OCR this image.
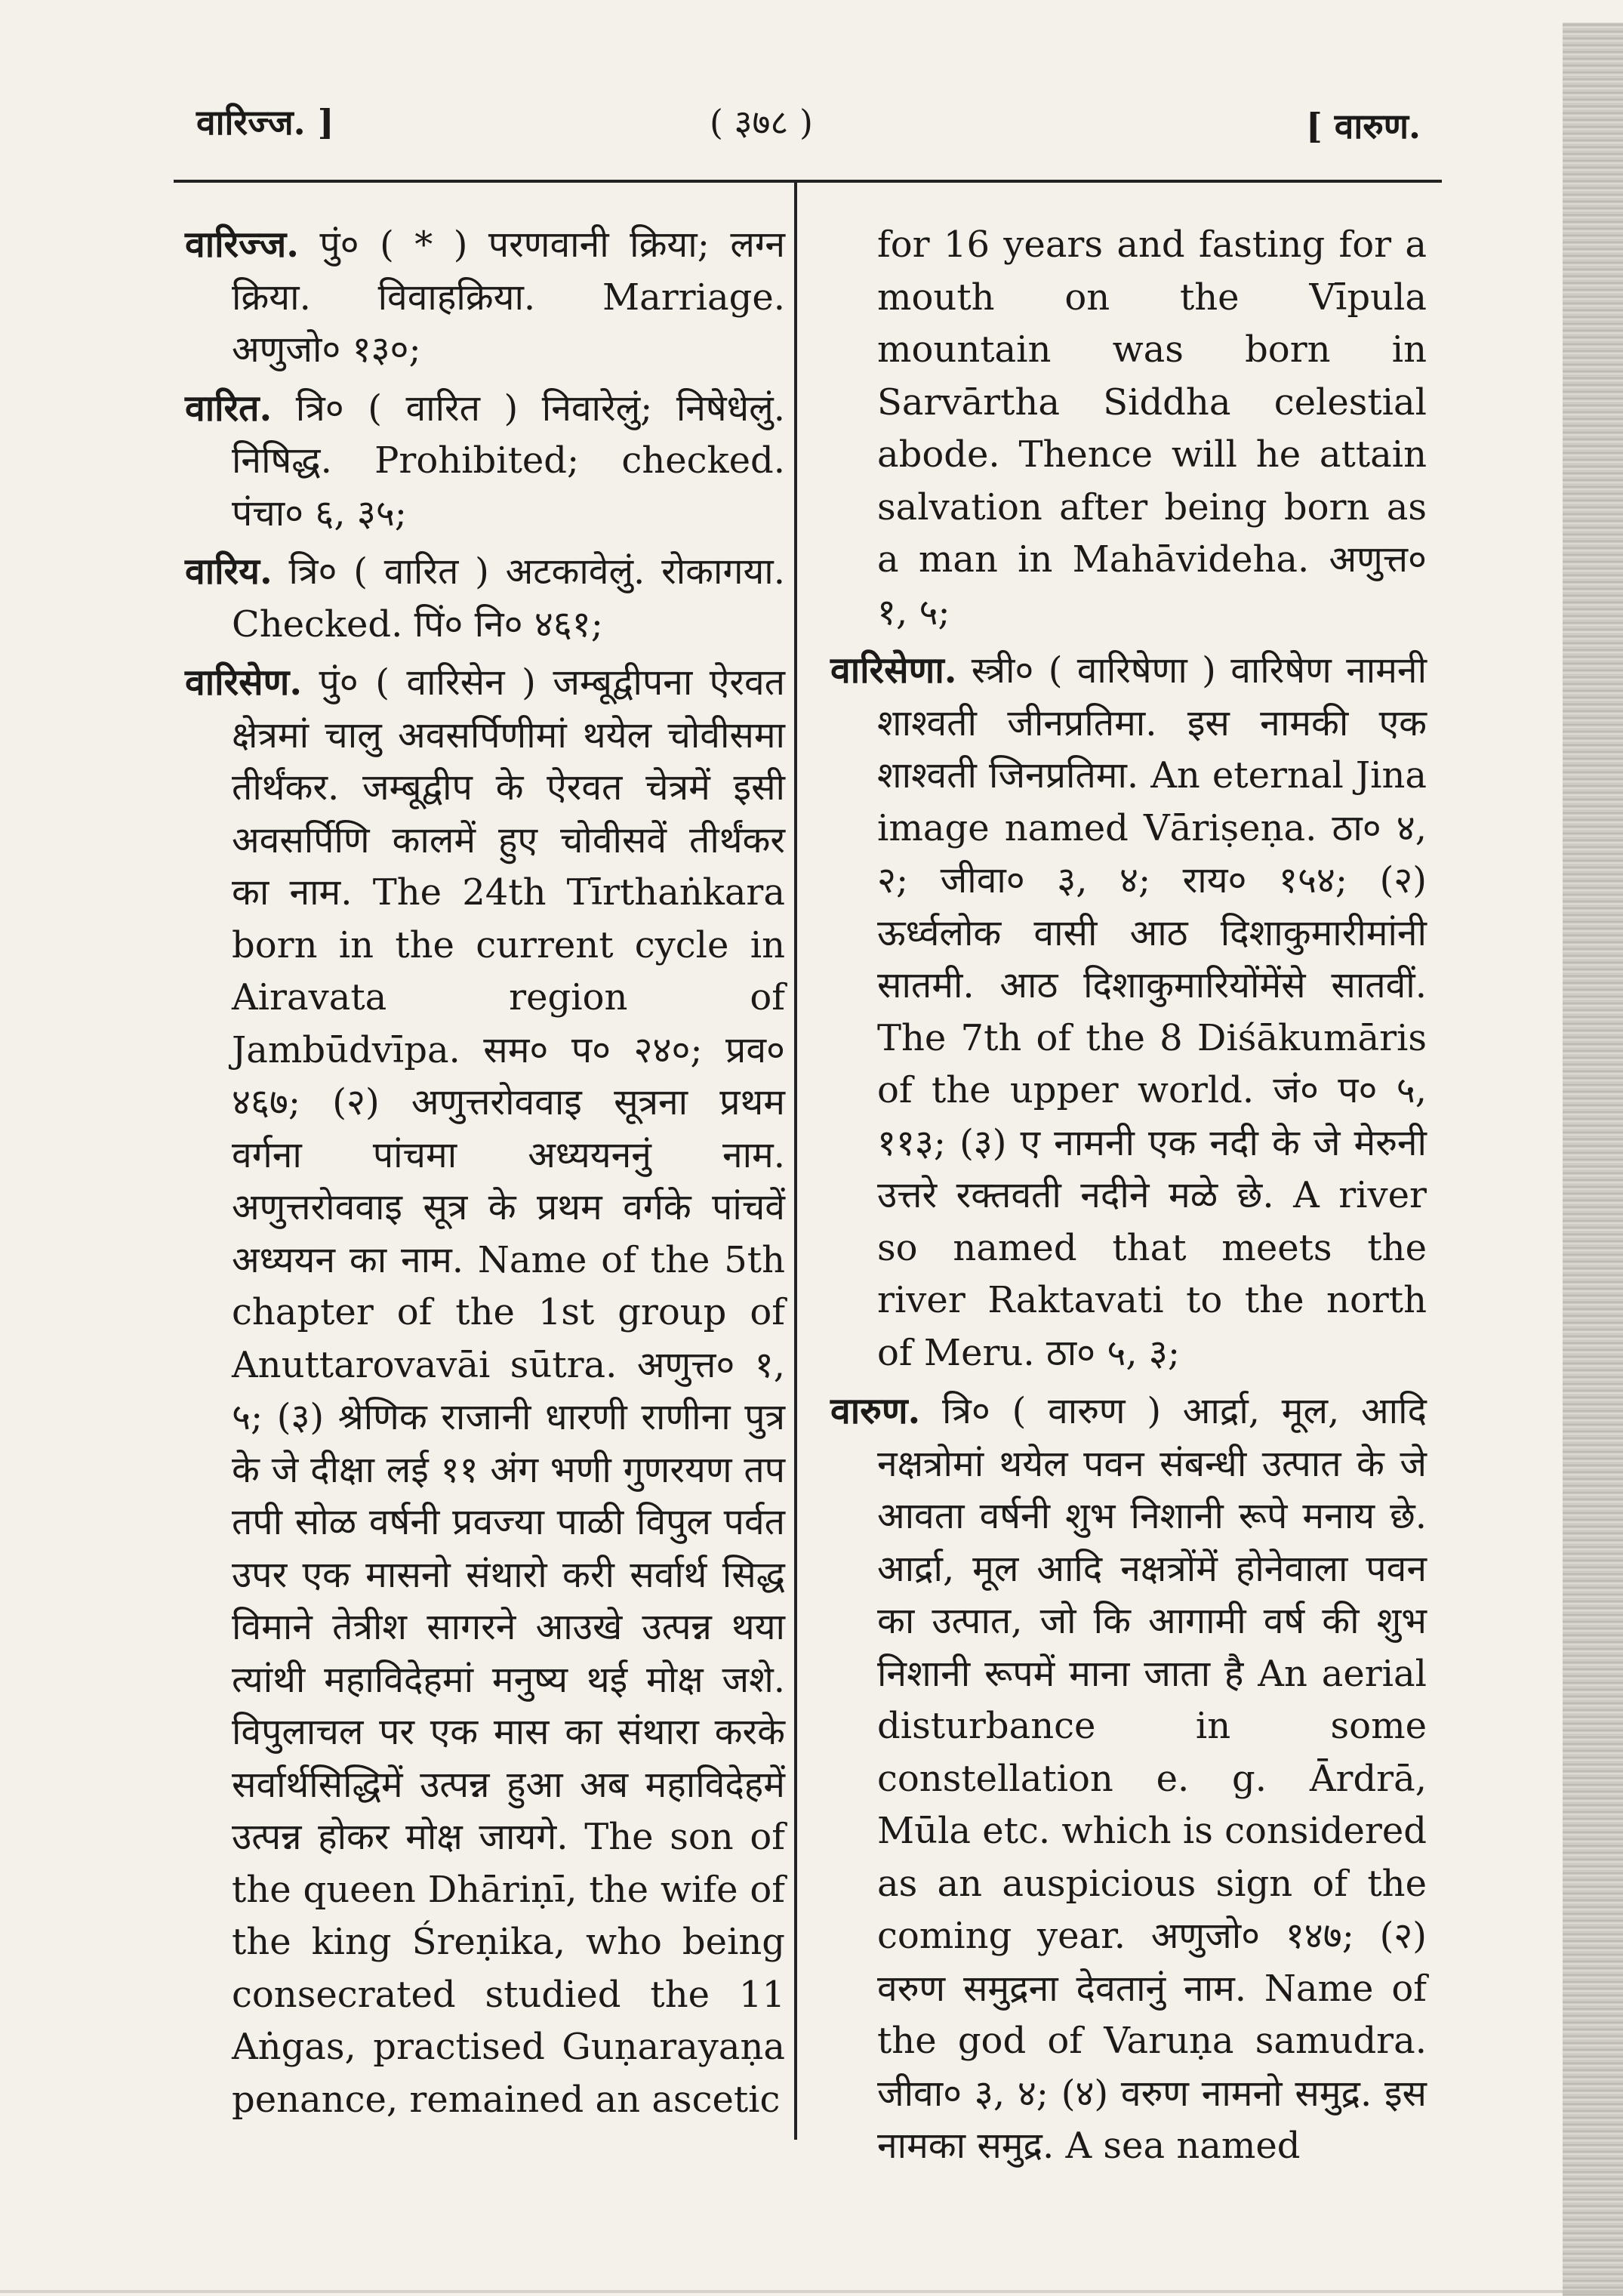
वारिज्ज. ]	( ३७८ )	[ वारुण.

वारिज्ज. पुं० ( * ) परणवानी क्रिया; लग्न क्रिया. विवाहक्रिया. Marriage. अणुजो० १३०;

वारित. त्रि० ( वारित ) निवारेलुं; निषेधेलुं. निषिद्ध. Prohibited; checked. पंचा० ६, ३५;

वारिय. त्रि० ( वारित ) अटकावेलुं. रोकागया. Checked. पिं० नि० ४६१;

वारिसेण. पुं० ( वारिसेन ) जम्बूद्वीपना ऐरवत क्षेत्रमां चालु अवसर्पिणीमां थयेल चोवीसमा तीर्थंकर. जम्बूद्वीप के ऐरवत चेत्रमें इसी अवसर्पिणि कालमें हुए चोवीसवें तीर्थंकर का नाम. The 24th Tīrthaṅkara born in the current cycle in Airavata region of Jambūdvīpa. सम० प० २४०; प्रव० ४६७; (२) अणुत्तरोववाइ सूत्रना प्रथम वर्गना पांचमा अध्ययननुं नाम. अणुत्तरोववाइ सूत्र के प्रथम वर्गके पांचवें अध्ययन का नाम. Name of the 5th chapter of the 1st group of Anuttarovavāi sūtra. अणुत्त० १, ५; (३) श्रेणिक राजानी धारणी राणीना पुत्र के जे दीक्षा लई ११ अंग भणी गुणरयण तप तपी सोळ वर्षनी प्रवज्या पाळी विपुल पर्वत उपर एक मासनो संथारो करी सर्वार्थ सिद्ध विमाने तेत्रीश सागरने आउखे उत्पन्न थया त्यांथी महाविदेहमां मनुष्य थई मोक्ष जशे. विपुलाचल पर एक मास का संथारा करके सर्वार्थसिद्धिमें उत्पन्न हुआ अब महाविदेहमें उत्पन्न होकर मोक्ष जायगे. The son of the queen Dhāriṇī, the wife of the king Śreṇika, who being consecrated studied the 11 Aṅgas, practised Guṇarayaṇa penance, remained an ascetic

for 16 years and fasting for a mouth on the Vīpula mountain was born in Sarvārtha Siddha celestial abode. Thence will he attain salvation after being born as a man in Mahāvideha. अणुत्त० १, ५;

वारिसेणा. स्त्री० ( वारिषेणा ) वारिषेण नामनी शाश्वती जीनप्रतिमा. इस नामकी एक शाश्वती जिनप्रतिमा. An eternal Jina image named Vāriṣeṇa. ठा० ४, २; जीवा० ३, ४; राय० १५४; (२) ऊर्ध्वलोक वासी आठ दिशाकुमारीमांनी सातमी. आठ दिशाकुमारियोंमेंसे सातवीं. The 7th of the 8 Diśākumāris of the upper world. जं० प० ५, ११३; (३) ए नामनी एक नदी के जे मेरुनी उत्तरे रक्तवती नदीने मळे छे. A river so named that meets the river Raktavati to the north of Meru. ठा० ५, ३;

वारुण. त्रि० ( वारुण ) आर्द्रा, मूल, आदि नक्षत्रोमां थयेल पवन संबन्धी उत्पात के जे आवता वर्षनी शुभ निशानी रूपे मनाय छे. आर्द्रा, मूल आदि नक्षत्रोंमें होनेवाला पवन का उत्पात, जो कि आगामी वर्ष की शुभ निशानी रूपमें माना जाता है An aerial disturbance in some constellation e. g. Ārdrā, Mūla etc. which is considered as an auspicious sign of the coming year. अणुजो० १४७; (२) वरुण समुद्रना देवतानुं नाम. Name of the god of Varuṇa samudra. जीवा० ३, ४; (४) वरुण नामनो समुद्र. इस नामका समुद्र. A sea named
